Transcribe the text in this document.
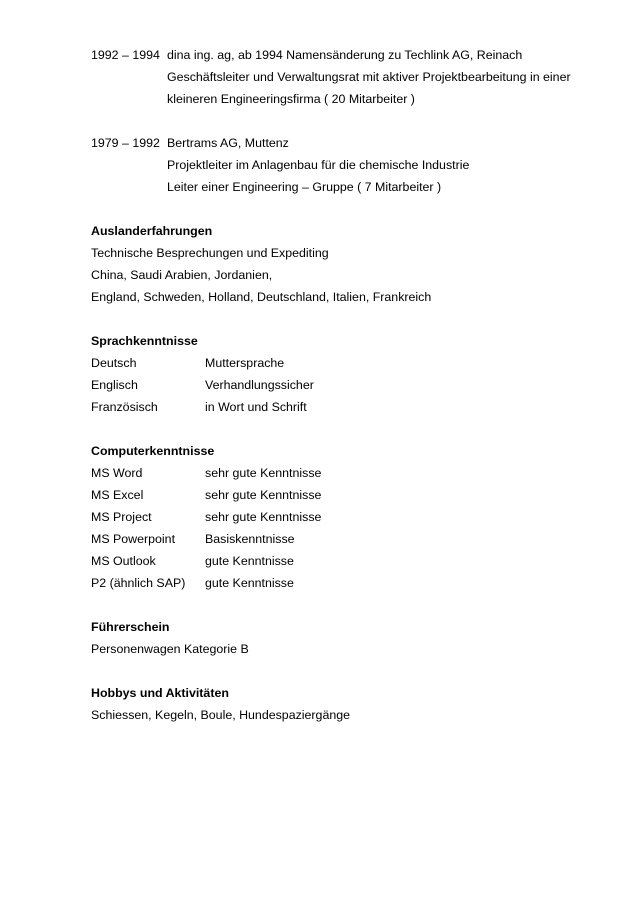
1992 – 1994 dina ing. ag, ab 1994 Namensänderung zu Techlink AG, Reinach
Geschäftsleiter und Verwaltungsrat mit aktiver Projektbearbeitung in einer
kleineren Engineeringsfirma ( 20 Mitarbeiter )
1979 – 1992 Bertrams AG, Muttenz
Projektleiter im Anlagenbau für die chemische Industrie
Leiter einer Engineering – Gruppe ( 7 Mitarbeiter )
Auslanderfahrungen
Technische Besprechungen und Expediting
China, Saudi Arabien, Jordanien,
England, Schweden, Holland, Deutschland, Italien, Frankreich
Sprachkenntnisse
Deutsch	Muttersprache
Englisch	Verhandlungssicher
Französisch	in Wort und Schrift
Computerkenntnisse
MS Word	sehr gute Kenntnisse
MS Excel	sehr gute Kenntnisse
MS Project	sehr gute Kenntnisse
MS Powerpoint	Basiskenntnisse
MS Outlook	gute Kenntnisse
P2 (ähnlich SAP)	gute Kenntnisse
Führerschein
Personenwagen Kategorie B
Hobbys und Aktivitäten
Schiessen, Kegeln, Boule, Hundespaziergänge
